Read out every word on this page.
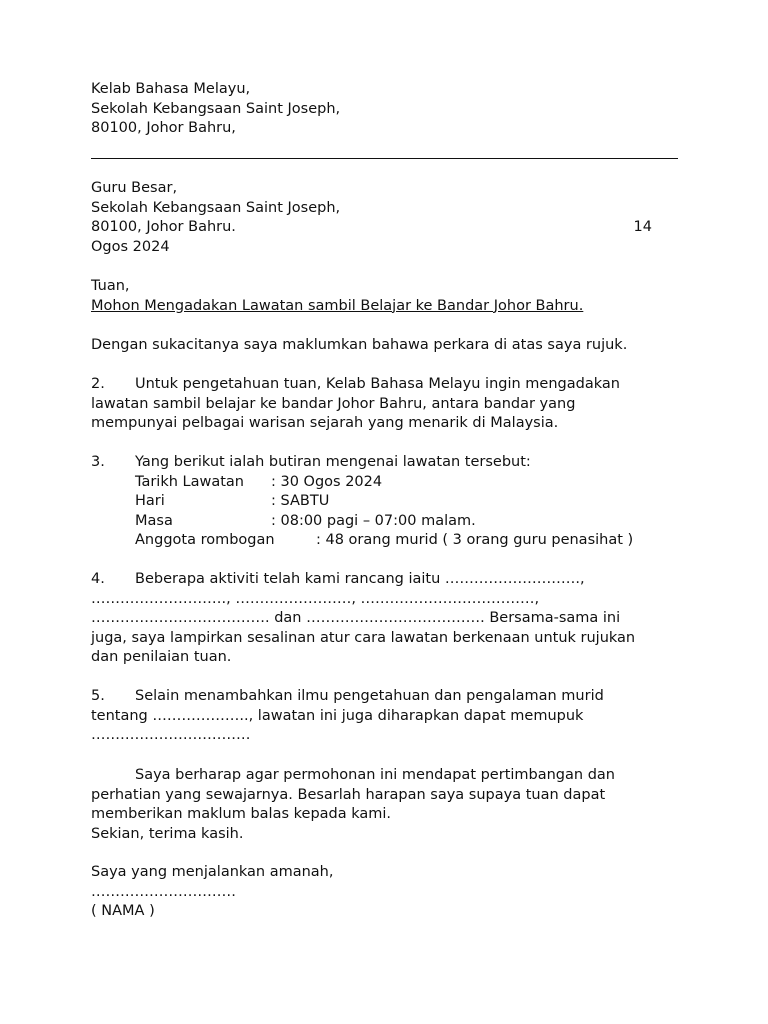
Kelab Bahasa Melayu,
Sekolah Kebangsaan Saint Joseph,
80100, Johor Bahru,
Guru Besar,
Sekolah Kebangsaan Saint Joseph,
80100, Johor Bahru.	14
Ogos 2024
Tuan,
Mohon Mengadakan Lawatan sambil Belajar ke Bandar Johor Bahru.
Dengan sukacitanya saya maklumkan bahawa perkara di atas saya rujuk.
2. Untuk pengetahuan tuan, Kelab Bahasa Melayu ingin mengadakan
lawatan sambil belajar ke bandar Johor Bahru, antara bandar yang
mempunyai pelbagai warisan sejarah yang menarik di Malaysia.
3. Yang berikut ialah butiran mengenai lawatan tersebut:
Tarikh Lawatan : 30 Ogos 2024
Hari	: SABTU
Masa	: 08:00 pagi – 07:00 malam.
Anggota rombogan	: 48 orang murid ( 3 orang guru penasihat )
4. Beberapa aktiviti telah kami rancang iaitu ……………………….,
………………………., ……………………, ………………………………,
………………………………. dan ………………………………. Bersama-sama ini
juga, saya lampirkan sesalinan atur cara lawatan berkenaan untuk rujukan
dan penilaian tuan.
5. Selain menambahkan ilmu pengetahuan dan pengalaman murid
tentang ……………….., lawatan ini juga diharapkan dapat memupuk
……………………………
Saya berharap agar permohonan ini mendapat pertimbangan dan
perhatian yang sewajarnya. Besarlah harapan saya supaya tuan dapat
memberikan maklum balas kepada kami.
Sekian, terima kasih.
Saya yang menjalankan amanah,
…………………………
( NAMA )
